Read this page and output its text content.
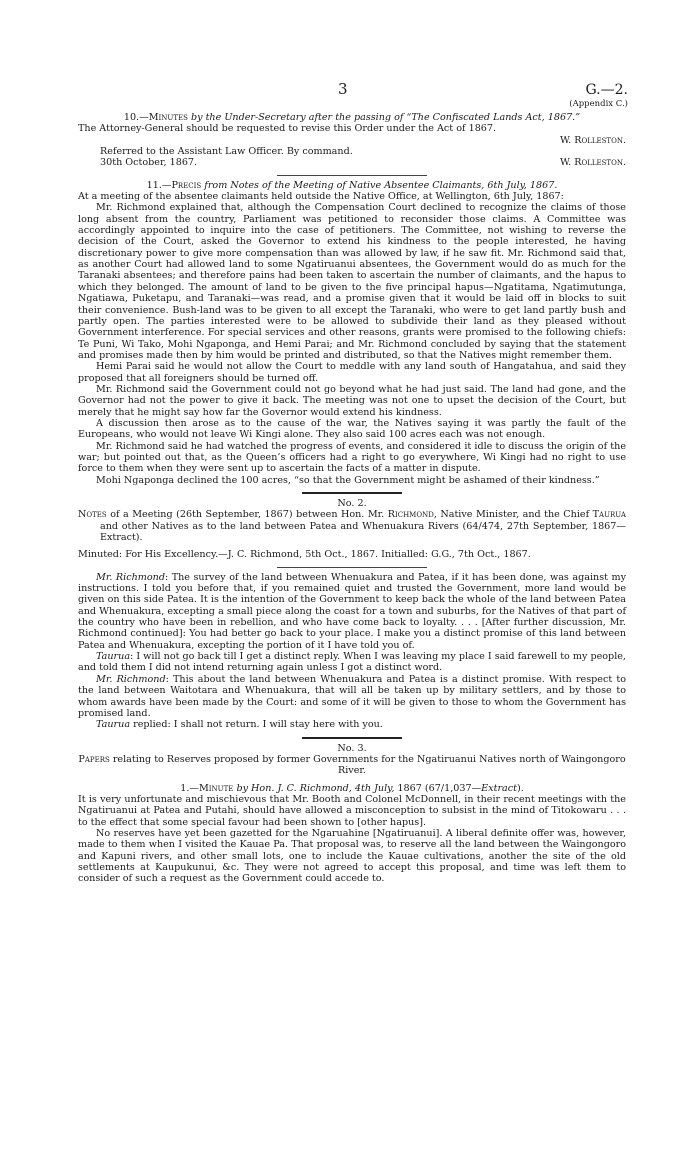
3	G.—2.
(Appendix C.)

10.—Minutes by the Under-Secretary after the passing of “The Confiscated Lands Act, 1867.”

The Attorney-General should be requested to revise this Order under the Act of 1867.

W. Rolleston.

Referred to the Assistant Law Officer. By command.

30th October, 1867.	W. Rolleston.

11.—Precis from Notes of the Meeting of Native Absentee Claimants, 6th July, 1867.

At a meeting of the absentee claimants held outside the Native Office, at Wellington, 6th July, 1867:

Mr. Richmond explained that, although the Compensation Court declined to recognize the claims of those long absent from the country, Parliament was petitioned to reconsider those claims. A Committee was accordingly appointed to inquire into the case of petitioners. The Committee, not wishing to reverse the decision of the Court, asked the Governor to extend his kindness to the people interested, he having discretionary power to give more compensation than was allowed by law, if he saw fit. Mr. Richmond said that, as another Court had allowed land to some Ngatiruanui absentees, the Government would do as much for the Taranaki absentees; and therefore pains had been taken to ascertain the number of claimants, and the hapus to which they belonged. The amount of land to be given to the five principal hapus—Ngatitama, Ngatimutunga, Ngatiawa, Puketapu, and Taranaki—was read, and a promise given that it would be laid off in blocks to suit their convenience. Bush-land was to be given to all except the Taranaki, who were to get land partly bush and partly open. The parties interested were to be allowed to subdivide their land as they pleased without Government interference. For special services and other reasons, grants were promised to the following chiefs: Te Puni, Wi Tako, Mohi Ngaponga, and Hemi Parai; and Mr. Richmond concluded by saying that the statement and promises made then by him would be printed and distributed, so that the Natives might remember them.

Hemi Parai said he would not allow the Court to meddle with any land south of Hangatahua, and said they proposed that all foreigners should be turned off.

Mr. Richmond said the Government could not go beyond what he had just said. The land had gone, and the Governor had not the power to give it back. The meeting was not one to upset the decision of the Court, but merely that he might say how far the Governor would extend his kindness.

A discussion then arose as to the cause of the war, the Natives saying it was partly the fault of the Europeans, who would not leave Wi Kingi alone. They also said 100 acres each was not enough.

Mr. Richmond said he had watched the progress of events, and considered it idle to discuss the origin of the war; but pointed out that, as the Queen’s officers had a right to go everywhere, Wi Kingi had no right to use force to them when they were sent up to ascertain the facts of a matter in dispute.

Mohi Ngaponga declined the 100 acres, “so that the Government might be ashamed of their kindness.”

No. 2.

Notes of a Meeting (26th September, 1867) between Hon. Mr. Richmond, Native Minister, and the Chief Taurua and other Natives as to the land between Patea and Whenuakura Rivers (64/474, 27th September, 1867—Extract).

Minuted: For His Excellency.—J. C. Richmond, 5th Oct., 1867. Initialled: G.G., 7th Oct., 1867.

Mr. Richmond: The survey of the land between Whenuakura and Patea, if it has been done, was against my instructions. I told you before that, if you remained quiet and trusted the Government, more land would be given on this side Patea. It is the intention of the Government to keep back the whole of the land between Patea and Whenuakura, excepting a small piece along the coast for a town and suburbs, for the Natives of that part of the country who have been in rebellion, and who have come back to loyalty. . . . [After further discussion, Mr. Richmond continued]: You had better go back to your place. I make you a distinct promise of this land between Patea and Whenuakura, excepting the portion of it I have told you of.

Taurua: I will not go back till I get a distinct reply. When I was leaving my place I said farewell to my people, and told them I did not intend returning again unless I got a distinct word.

Mr. Richmond: This about the land between Whenuakura and Patea is a distinct promise. With respect to the land between Waitotara and Whenuakura, that will all be taken up by military settlers, and by those to whom awards have been made by the Court: and some of it will be given to those to whom the Government has promised land.

Taurua replied: I shall not return. I will stay here with you.

No. 3.

Papers relating to Reserves proposed by former Governments for the Ngatiruanui Natives north of Waingongoro River.

1.—Minute by Hon. J. C. Richmond, 4th July, 1867 (67/1,037—Extract).

It is very unfortunate and mischievous that Mr. Booth and Colonel McDonnell, in their recent meetings with the Ngatiruanui at Patea and Putahi, should have allowed a misconception to subsist in the mind of Titokowaru . . . to the effect that some special favour had been shown to [other hapus].

No reserves have yet been gazetted for the Ngaruahine [Ngatiruanui]. A liberal definite offer was, however, made to them when I visited the Kauae Pa. That proposal was, to reserve all the land between the Waingongoro and Kapuni rivers, and other small lots, one to include the Kauae cultivations, another the site of the old settlements at Kaupukunui, &c. They were not agreed to accept this proposal, and time was left them to consider of such a request as the Government could accede to.
